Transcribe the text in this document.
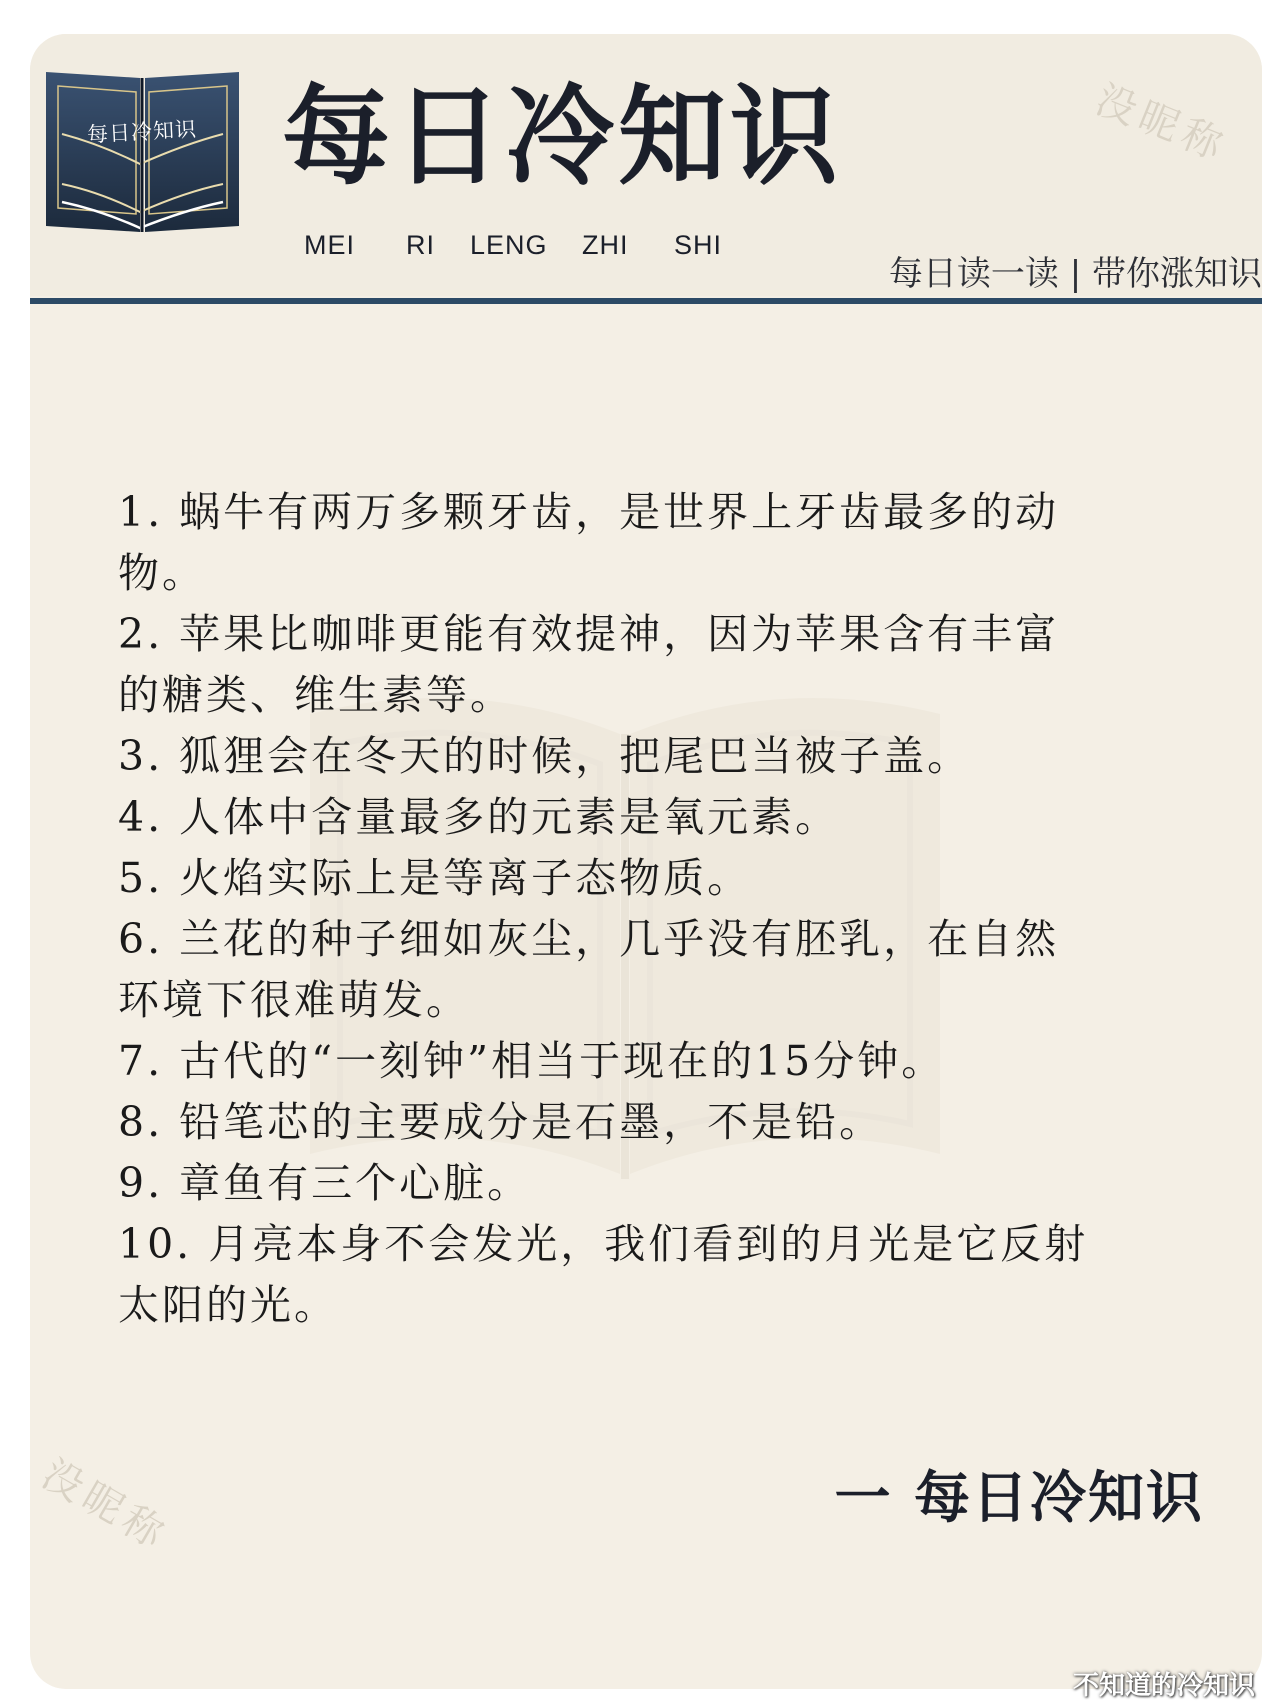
每日冷知识 每日冷知识
MEI RI LENG ZHI SHI
每日读一读 | 带你涨知识
没昵称
1. 蜗牛有两万多颗牙齿，是世界上牙齿最多的动物。
2. 苹果比咖啡更能有效提神，因为苹果含有丰富的糖类、维生素等。
3. 狐狸会在冬天的时候，把尾巴当被子盖。
4. 人体中含量最多的元素是氧元素。
5. 火焰实际上是等离子态物质。
6. 兰花的种子细如灰尘，几乎没有胚乳，在自然环境下很难萌发。
7. 古代的“一刻钟”相当于现在的15分钟。
8. 铅笔芯的主要成分是石墨，不是铅。
9. 章鱼有三个心脏。
10. 月亮本身不会发光，我们看到的月光是它反射太阳的光。
没昵称	一 每日冷知识
不知道的冷知识
